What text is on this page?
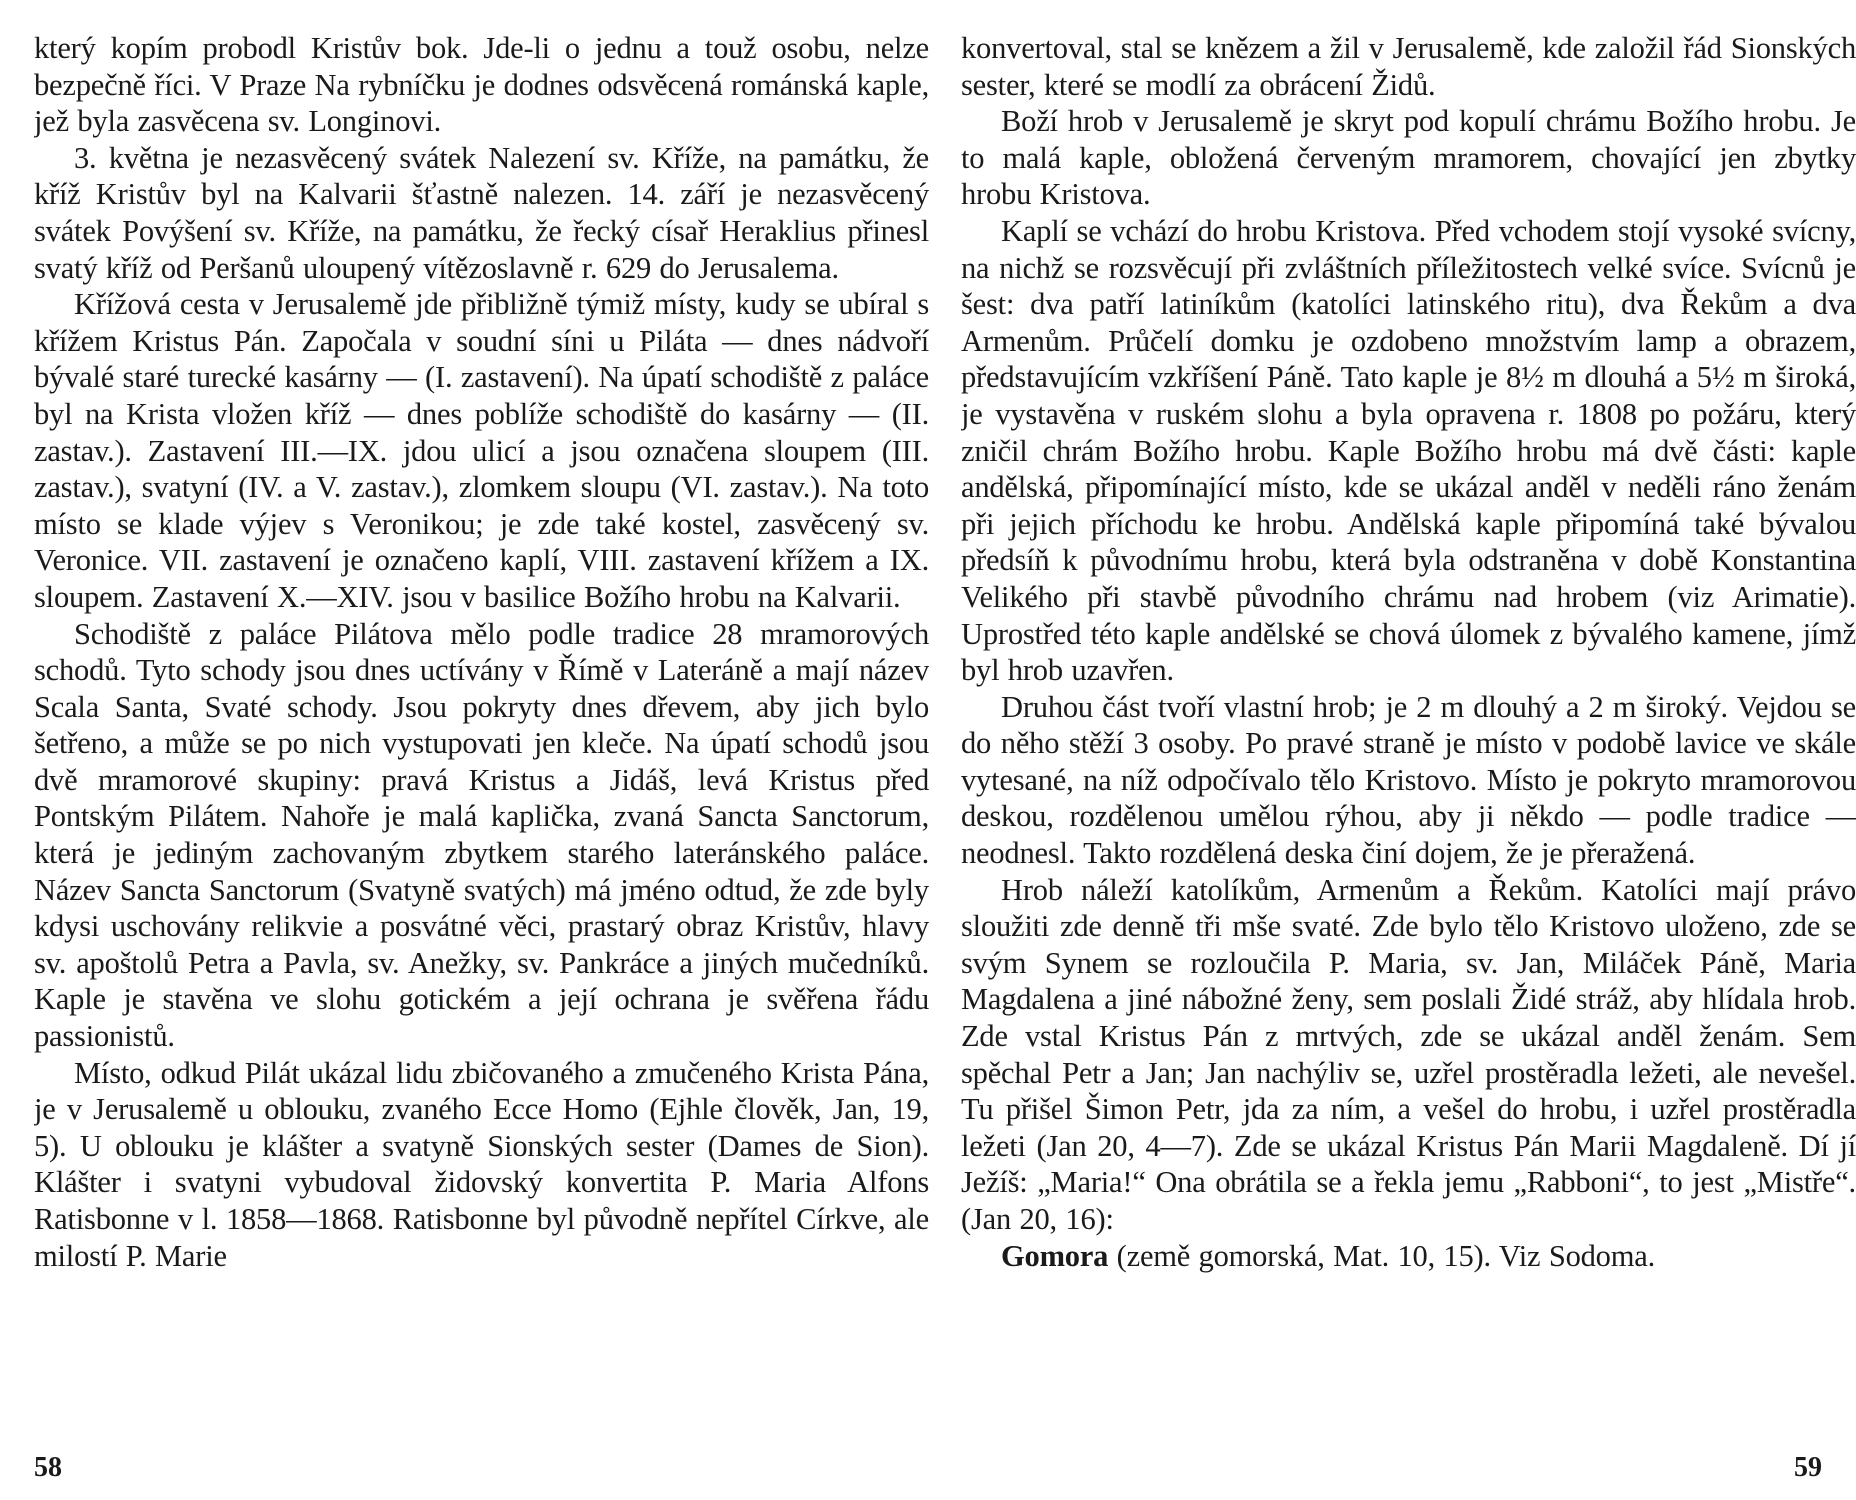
který kopím probodl Kristův bok. Jde-li o jednu a touž osobu, nelze bezpečně říci. V Praze Na rybníčku je dodnes odsvěcená románská kaple, jež byla zasvěcena sv. Longinovi.

3. května je nezasvěcený svátek Nalezení sv. Kříže, na památku, že kříž Kristův byl na Kalvarii šťastně nalezen. 14. září je nezasvěcený svátek Povýšení sv. Kříže, na památku, že řecký císař Heraklius přinesl svatý kříž od Peršanů uloupený vítězoslavně r. 629 do Jerusalema.

Křížová cesta v Jerusalemě jde přibližně týmiž místy, kudy se ubíral s křížem Kristus Pán. Započala v soudní síni u Piláta — dnes nádvoří bývalé staré turecké kasárny — (I. zastavení). Na úpatí schodiště z paláce byl na Krista vložen kříž — dnes poblíže schodiště do kasárny — (II. zastav.). Zastavení III.—IX. jdou ulicí a jsou označena sloupem (III. zastav.), svatyní (IV. a V. zastav.), zlomkem sloupu (VI. zastav.). Na toto místo se klade výjev s Veronikou; je zde také kostel, zasvěcený sv. Veronice. VII. zastavení je označeno kaplí, VIII. zastavení křížem a IX. sloupem. Zastavení X.—XIV. jsou v basilice Božího hrobu na Kalvarii.

Schodiště z paláce Pilátova mělo podle tradice 28 mramorových schodů. Tyto schody jsou dnes uctívány v Římě v Lateráně a mají název Scala Santa, Svaté schody. Jsou pokryty dnes dřevem, aby jich bylo šetřeno, a může se po nich vystupovati jen kleče. Na úpatí schodů jsou dvě mramorové skupiny: pravá Kristus a Jidáš, levá Kristus před Pontským Pilátem. Nahoře je malá kaplička, zvaná Sancta Sanctorum, která je jediným zachovaným zbytkem starého lateránského paláce. Název Sancta Sanctorum (Svatyně svatých) má jméno odtud, že zde byly kdysi uschovány relikvie a posvátné věci, prastarý obraz Kristův, hlavy sv. apoštolů Petra a Pavla, sv. Anežky, sv. Pankráce a jiných mučedníků. Kaple je stavěna ve slohu gotickém a její ochrana je svěřena řádu passionistů.

Místo, odkud Pilát ukázal lidu zbičovaného a zmučeného Krista Pána, je v Jerusalemě u oblouku, zvaného Ecce Homo (Ejhle člověk, Jan, 19, 5). U oblouku je klášter a svatyně Sionských sester (Dames de Sion). Klášter i svatyni vybudoval židovský konvertita P. Maria Alfons Ratisbonne v l. 1858—1868. Ratisbonne byl původně nepřítel Církve, ale milostí P. Marie

konvertoval, stal se knězem a žil v Jerusalemě, kde založil řád Sionských sester, které se modlí za obrácení Židů.

Boží hrob v Jerusalemě je skryt pod kopulí chrámu Božího hrobu. Je to malá kaple, obložená červeným mramorem, chovající jen zbytky hrobu Kristova.

Kaplí se vchází do hrobu Kristova. Před vchodem stojí vysoké svícny, na nichž se rozsvěcují při zvláštních příležitostech velké svíce. Svícnů je šest: dva patří latiníkům (katolíci latinského ritu), dva Řekům a dva Armenům. Průčelí domku je ozdobeno množstvím lamp a obrazem, představujícím vzkříšení Páně. Tato kaple je 8½ m dlouhá a 5½ m široká, je vystavěna v ruském slohu a byla opravena r. 1808 po požáru, který zničil chrám Božího hrobu. Kaple Božího hrobu má dvě části: kaple andělská, připomínající místo, kde se ukázal anděl v neděli ráno ženám při jejich příchodu ke hrobu. Andělská kaple připomíná také bývalou předsíň k původnímu hrobu, která byla odstraněna v době Konstantina Velikého při stavbě původního chrámu nad hrobem (viz Arimatie). Uprostřed této kaple andělské se chová úlomek z bývalého kamene, jímž byl hrob uzavřen.

Druhou část tvoří vlastní hrob; je 2 m dlouhý a 2 m široký. Vejdou se do něho stěží 3 osoby. Po pravé straně je místo v podobě lavice ve skále vytesané, na níž odpočívalo tělo Kristovo. Místo je pokryto mramorovou deskou, rozdělenou umělou rýhou, aby ji někdo — podle tradice — neodnesl. Takto rozdělená deska činí dojem, že je přeražená.

Hrob náleží katolíkům, Armenům a Řekům. Katolíci mají právo sloužiti zde denně tři mše svaté. Zde bylo tělo Kristovo uloženo, zde se svým Synem se rozloučila P. Maria, sv. Jan, Miláček Páně, Maria Magdalena a jiné nábožné ženy, sem poslali Židé stráž, aby hlídala hrob. Zde vstal Kristus Pán z mrtvých, zde se ukázal anděl ženám. Sem spěchal Petr a Jan; Jan nachýliv se, uzřel prostěradla ležeti, ale nevešel. Tu přišel Šimon Petr, jda za ním, a vešel do hrobu, i uzřel prostěradla ležeti (Jan 20, 4—7). Zde se ukázal Kristus Pán Marii Magdaleně. Dí jí Ježíš: „Maria!“ Ona obrátila se a řekla jemu „Rabboni“, to jest „Mistře“. (Jan 20, 16):

Gomora (země gomorská, Mat. 10, 15). Viz Sodoma.

58	59
